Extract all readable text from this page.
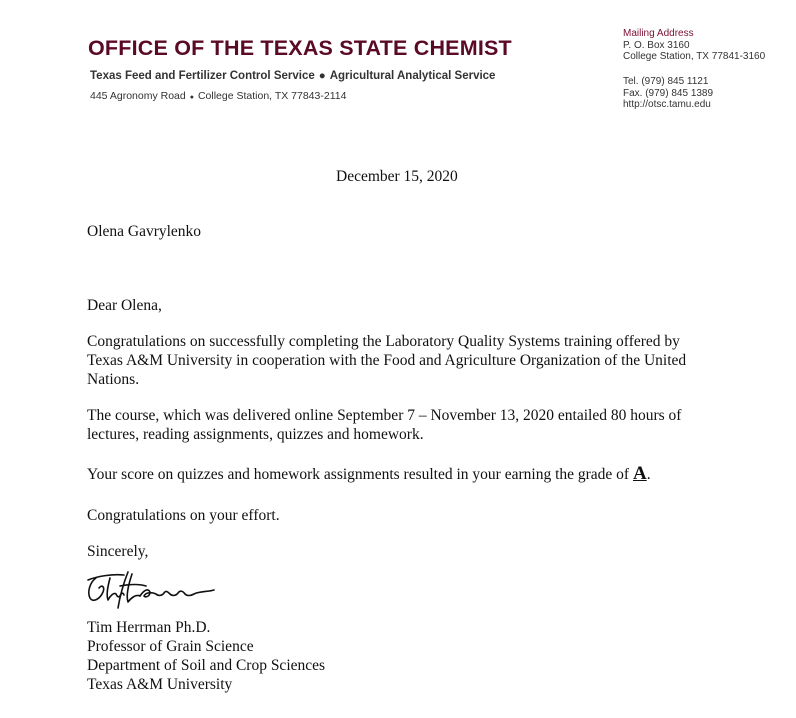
OFFICE OF THE TEXAS STATE CHEMIST
Texas Feed and Fertilizer Control Service ● Agricultural Analytical Service
445 Agronomy Road ● College Station, TX 77843-2114
Mailing Address
P. O. Box 3160
College Station, TX 77841-3160
Tel. (979) 845 1121
Fax. (979) 845 1389
http://otsc.tamu.edu
December 15, 2020
Olena Gavrylenko
Dear Olena,
Congratulations on successfully completing the Laboratory Quality Systems training offered by
Texas A&M University in cooperation with the Food and Agriculture Organization of the United
Nations.
The course, which was delivered online September 7 – November 13, 2020 entailed 80 hours of
lectures, reading assignments, quizzes and homework.
Your score on quizzes and homework assignments resulted in your earning the grade of A.
Congratulations on your effort.
Sincerely,
Tim Herrman Ph.D.
Professor of Grain Science
Department of Soil and Crop Sciences
Texas A&M University
